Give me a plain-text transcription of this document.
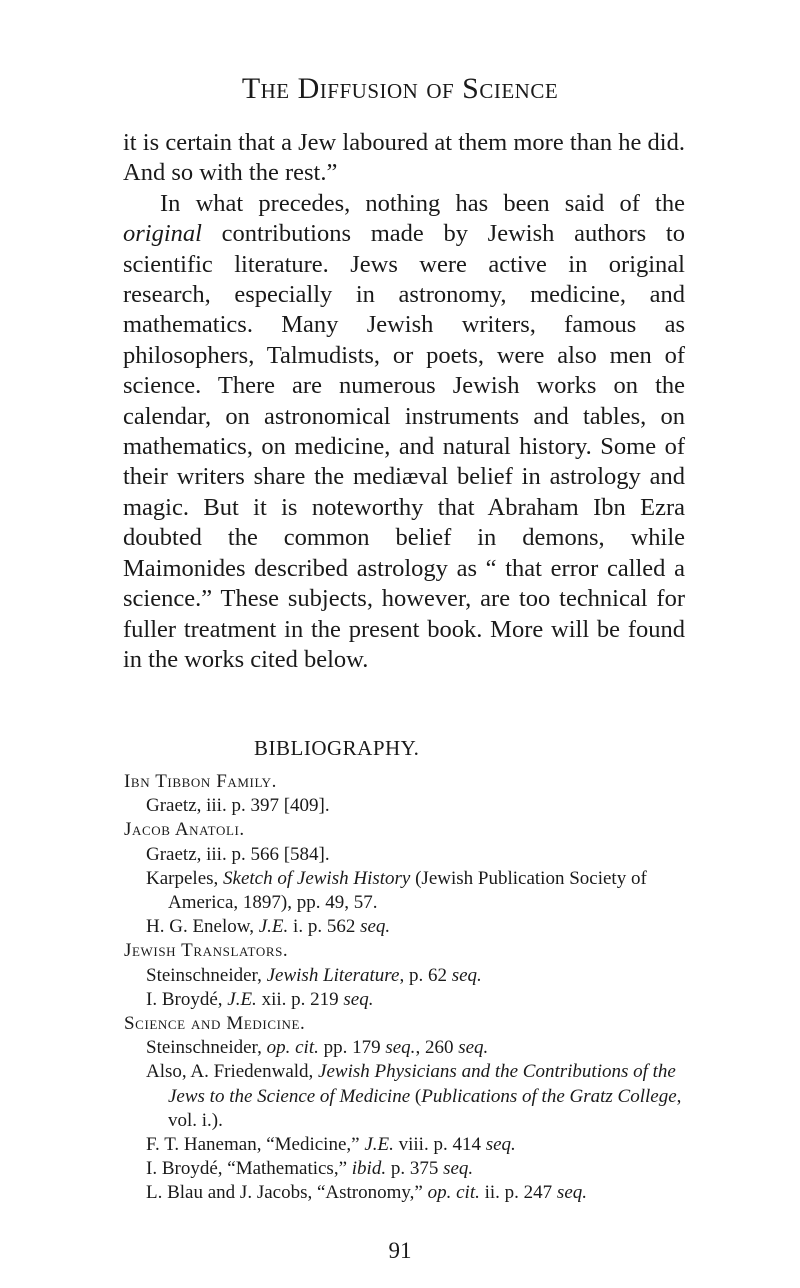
The Diffusion of Science

it is certain that a Jew laboured at them more than he did. And so with the rest.”

In what precedes, nothing has been said of the original contributions made by Jewish authors to scientific literature. Jews were active in original research, especially in astronomy, medicine, and mathematics. Many Jewish writers, famous as philosophers, Talmudists, or poets, were also men of science. There are numerous Jewish works on the calendar, on astronomical instruments and tables, on mathematics, on medicine, and natural history. Some of their writers share the mediæval belief in astrology and magic. But it is noteworthy that Abraham Ibn Ezra doubted the common belief in demons, while Maimonides described astrology as “ that error called a science.” These subjects, however, are too technical for fuller treatment in the present book. More will be found in the works cited below.

BIBLIOGRAPHY.
Ibn Tibbon Family.
Graetz, iii. p. 397 [409].
Jacob Anatoli.
Graetz, iii. p. 566 [584].
Karpeles, Sketch of Jewish History (Jewish Publication Society of America, 1897), pp. 49, 57.
H. G. Enelow, J.E. i. p. 562 seq.
Jewish Translators.
Steinschneider, Jewish Literature, p. 62 seq.
I. Broydé, J.E. xii. p. 219 seq.
Science and Medicine.
Steinschneider, op. cit. pp. 179 seq., 260 seq.
Also, A. Friedenwald, Jewish Physicians and the Contributions of the Jews to the Science of Medicine (Publications of the Gratz College, vol. i.).
F. T. Haneman, “Medicine,” J.E. viii. p. 414 seq.
I. Broydé, “Mathematics,” ibid. p. 375 seq.
L. Blau and J. Jacobs, “Astronomy,” op. cit. ii. p. 247 seq.
91
